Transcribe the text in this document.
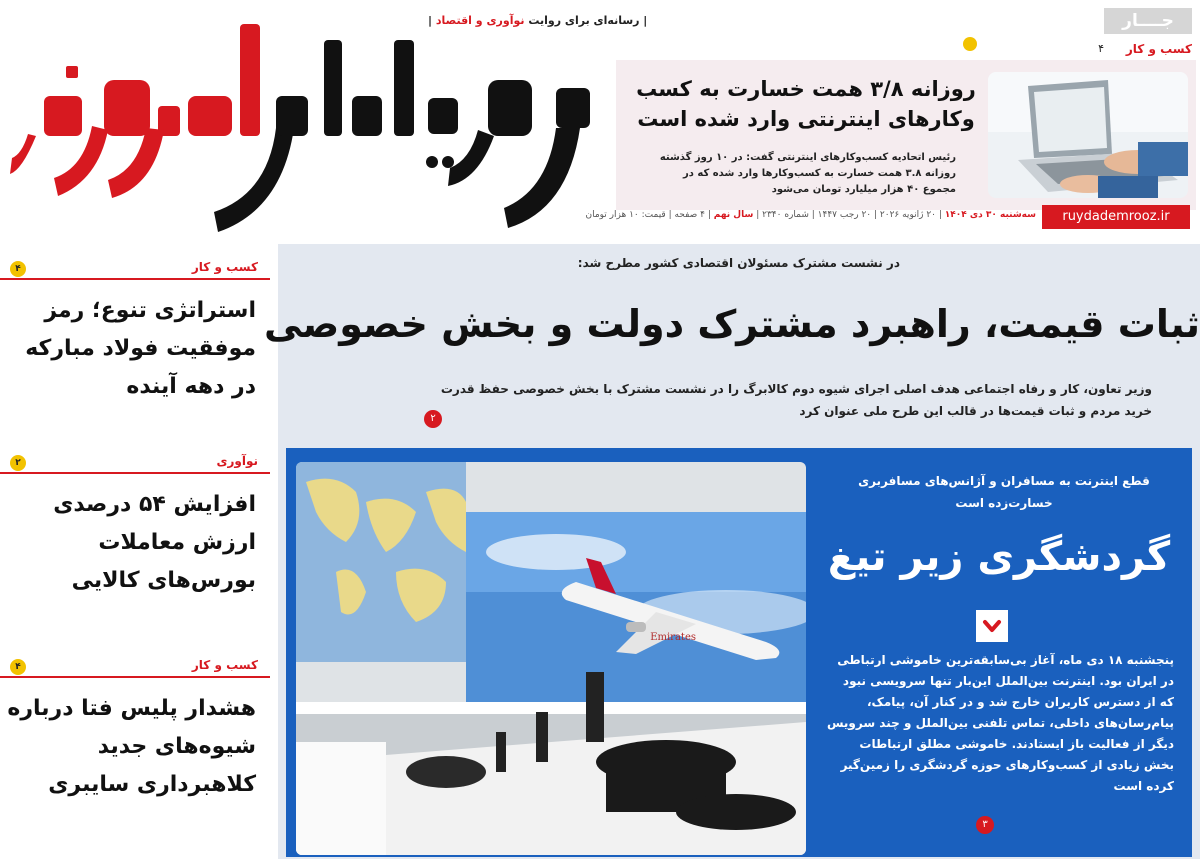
| رسانه‌ای برای روایت نوآوری و اقتصاد |	جــــار
کسب و کار
۴
روزانه ۳/۸ همت خسارت به کسب وکارهای اینترنتی وارد شده است
رئیس اتحادیه کسب‌وکارهای اینترنتی گفت: در ۱۰ روز گذشته روزانه ۳.۸ همت خسارت به کسب‌وکارها وارد شده که در مجموع ۴۰ هزار میلیارد تومان می‌شود
ruydademrooz.ir
سه‌شنبه ۳۰ دی ۱۴۰۴ | ۲۰ ژانویه ۲۰۲۶ | ۲۰ رجب ۱۴۴۷ | شماره ۲۳۴۰ | سال نهم | ۴ صفحه | قیمت: ۱۰ هزار تومان
کسب و کار
۴
استراتژی تنوع؛ رمز موفقیت فولاد مبارکه در دهه آینده
نوآوری
۲
افزایش ۵۴ درصدی ارزش معاملات بورس‌های کالایی
کسب و کار
۴
هشدار پلیس فتا درباره شیوه‌های جدید کلاهبرداری سایبری
در نشست مشترک مسئولان اقتصادی کشور مطرح شد:
ثبات قیمت، راهبرد مشترک دولت و بخش خصوصی
وزیر تعاون، کار و رفاه اجتماعی هدف اصلی اجرای شیوه دوم کالابرگ را در نشست مشترک با بخش خصوصی حفظ قدرت خرید مردم و ثبات قیمت‌ها در قالب این طرح ملی عنوان کرد
۲
Emirates
قطع اینترنت به مسافران و آژانس‌های مسافربری خسارت‌زده است
گردشگری زیر تیغ
پنجشنبه ۱۸ دی ماه، آغاز بی‌سابقه‌ترین خاموشی ارتباطی در ایران بود. اینترنت بین‌الملل این‌بار تنها سرویسی نبود که از دسترس کاربران خارج شد و در کنار آن، پیامک، پیام‌رسان‌های داخلی، تماس تلفنی بین‌الملل و چند سرویس دیگر از فعالیت باز ایستادند. خاموشی مطلق ارتباطات بخش زیادی از کسب‌وکارهای حوزه گردشگری را زمین‌گیر کرده است
۳
